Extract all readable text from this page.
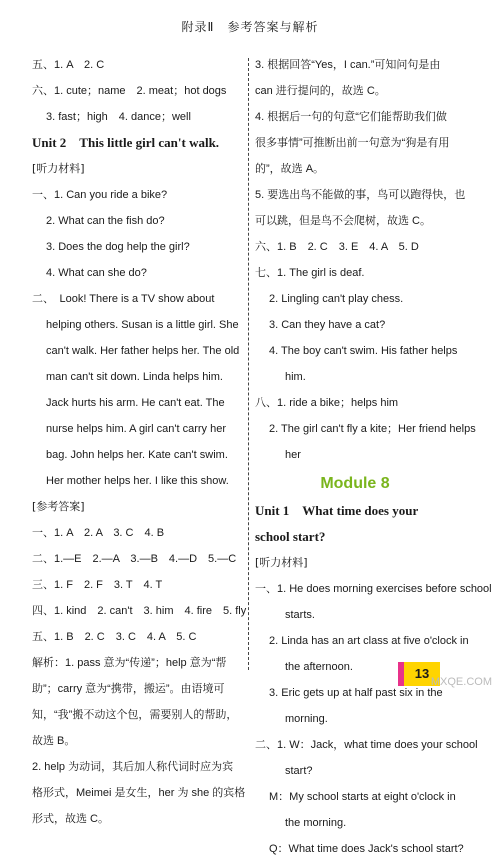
附录Ⅱ　参考答案与解析
五、1. A　2. C
六、1. cute；name　2. meat；hot dogs
3. fast；high　4. dance；well
Unit 2　This little girl can't walk.
[听力材料]
一、1. Can you ride a bike?
2. What can the fish do?
3. Does the dog help the girl?
4. What can she do?
二、　Look! There is a TV show about
helping others. Susan is a little girl. She
can't walk. Her father helps her. The old
man can't sit down. Linda helps him.
Jack hurts his arm. He can't eat. The
nurse helps him. A girl can't carry her
bag. John helps her. Kate can't swim.
Her mother helps her. I like this show.
[参考答案]
一、1. A　2. A　3. C　4. B
二、1.—E　2.—A　3.—B　4.—D　5.—C
三、1. F　2. F　3. T　4. T
四、1. kind　2. can't　3. him　4. fire　5. fly
五、1. B　2. C　3. C　4. A　5. C
解析：1. pass 意为“传递”；help 意为“帮
助”；carry 意为“携带，搬运”。由语境可
知，“我”搬不动这个包，需要别人的帮助，
故选 B。
2. help 为动词，其后加人称代词时应为宾
格形式，Meimei 是女生，her 为 she 的宾格
形式，故选 C。
3. 根据回答“Yes，I can.”可知问句是由
can 进行提问的，故选 C。
4. 根据后一句的句意“它们能帮助我们做
很多事情”可推断出前一句意为“狗是有用
的”，故选 A。
5. 要选出鸟不能做的事，鸟可以跑得快，也
可以跳，但是鸟不会爬树，故选 C。
六、1. B　2. C　3. E　4. A　5. D
七、1. The girl is deaf.
2. Lingling can't play chess.
3. Can they have a cat?
4. The boy can't swim. His father helps
him.
八、1. ride a bike；helps him
2. The girl can't fly a kite；Her friend helps
her
Module 8
Unit 1　What time does your school start?
[听力材料]
一、1. He does morning exercises before school
starts.
2. Linda has an art class at five o'clock in
the afternoon.
3. Eric gets up at half past six in the
morning.
二、1. W：Jack，what time does your school
start?
M：My school starts at eight o'clock in
the morning.
Q：What time does Jack's school start?
13
MXQE.COM
